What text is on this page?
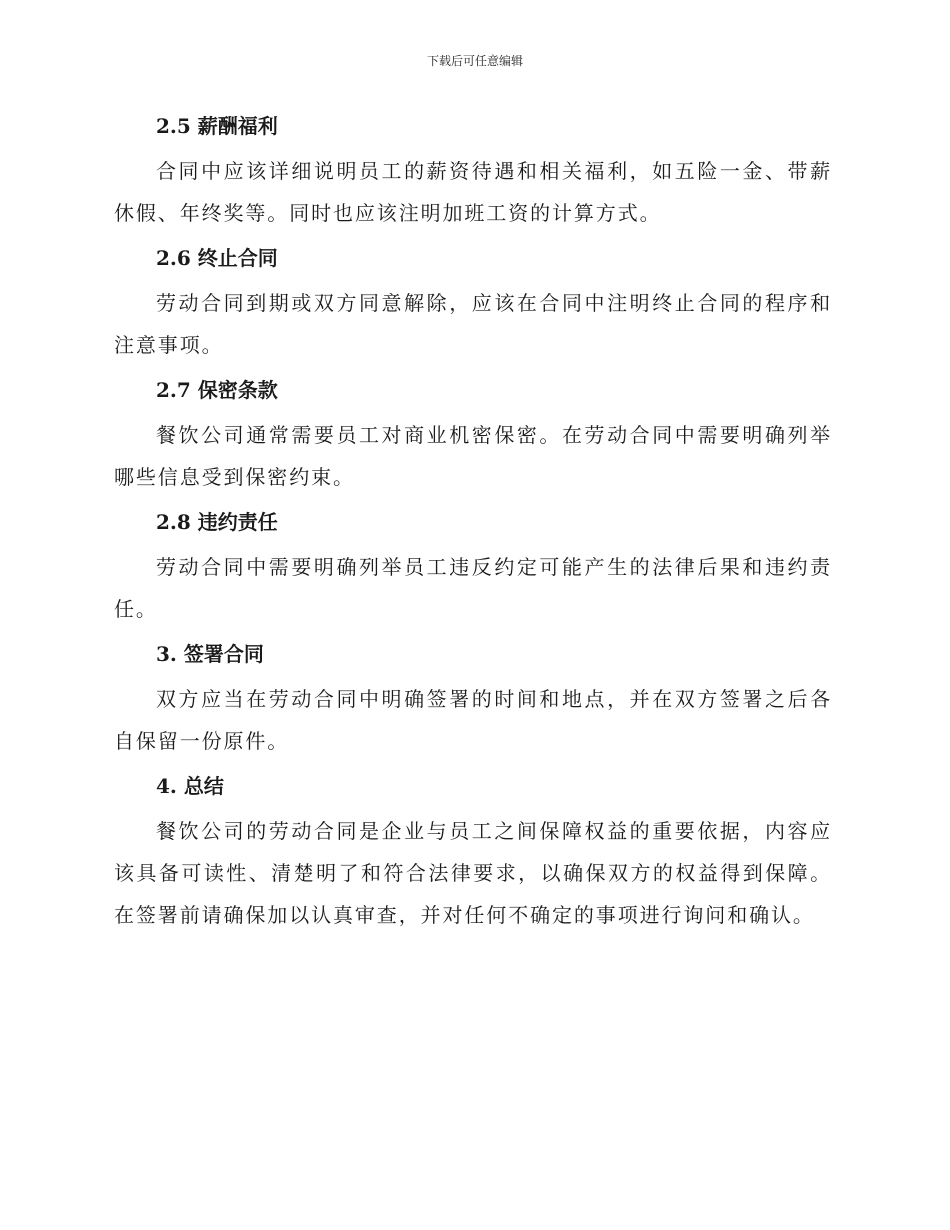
下载后可任意编辑
2.5 薪酬福利

合同中应该详细说明员工的薪资待遇和相关福利，如五险一金、带薪休假、年终奖等。同时也应该注明加班工资的计算方式。

2.6 终止合同

劳动合同到期或双方同意解除，应该在合同中注明终止合同的程序和注意事项。

2.7 保密条款

餐饮公司通常需要员工对商业机密保密。在劳动合同中需要明确列举哪些信息受到保密约束。

2.8 违约责任

劳动合同中需要明确列举员工违反约定可能产生的法律后果和违约责任。

3. 签署合同

双方应当在劳动合同中明确签署的时间和地点，并在双方签署之后各自保留一份原件。

4. 总结

餐饮公司的劳动合同是企业与员工之间保障权益的重要依据，内容应该具备可读性、清楚明了和符合法律要求，以确保双方的权益得到保障。在签署前请确保加以认真审查，并对任何不确定的事项进行询问和确认。
